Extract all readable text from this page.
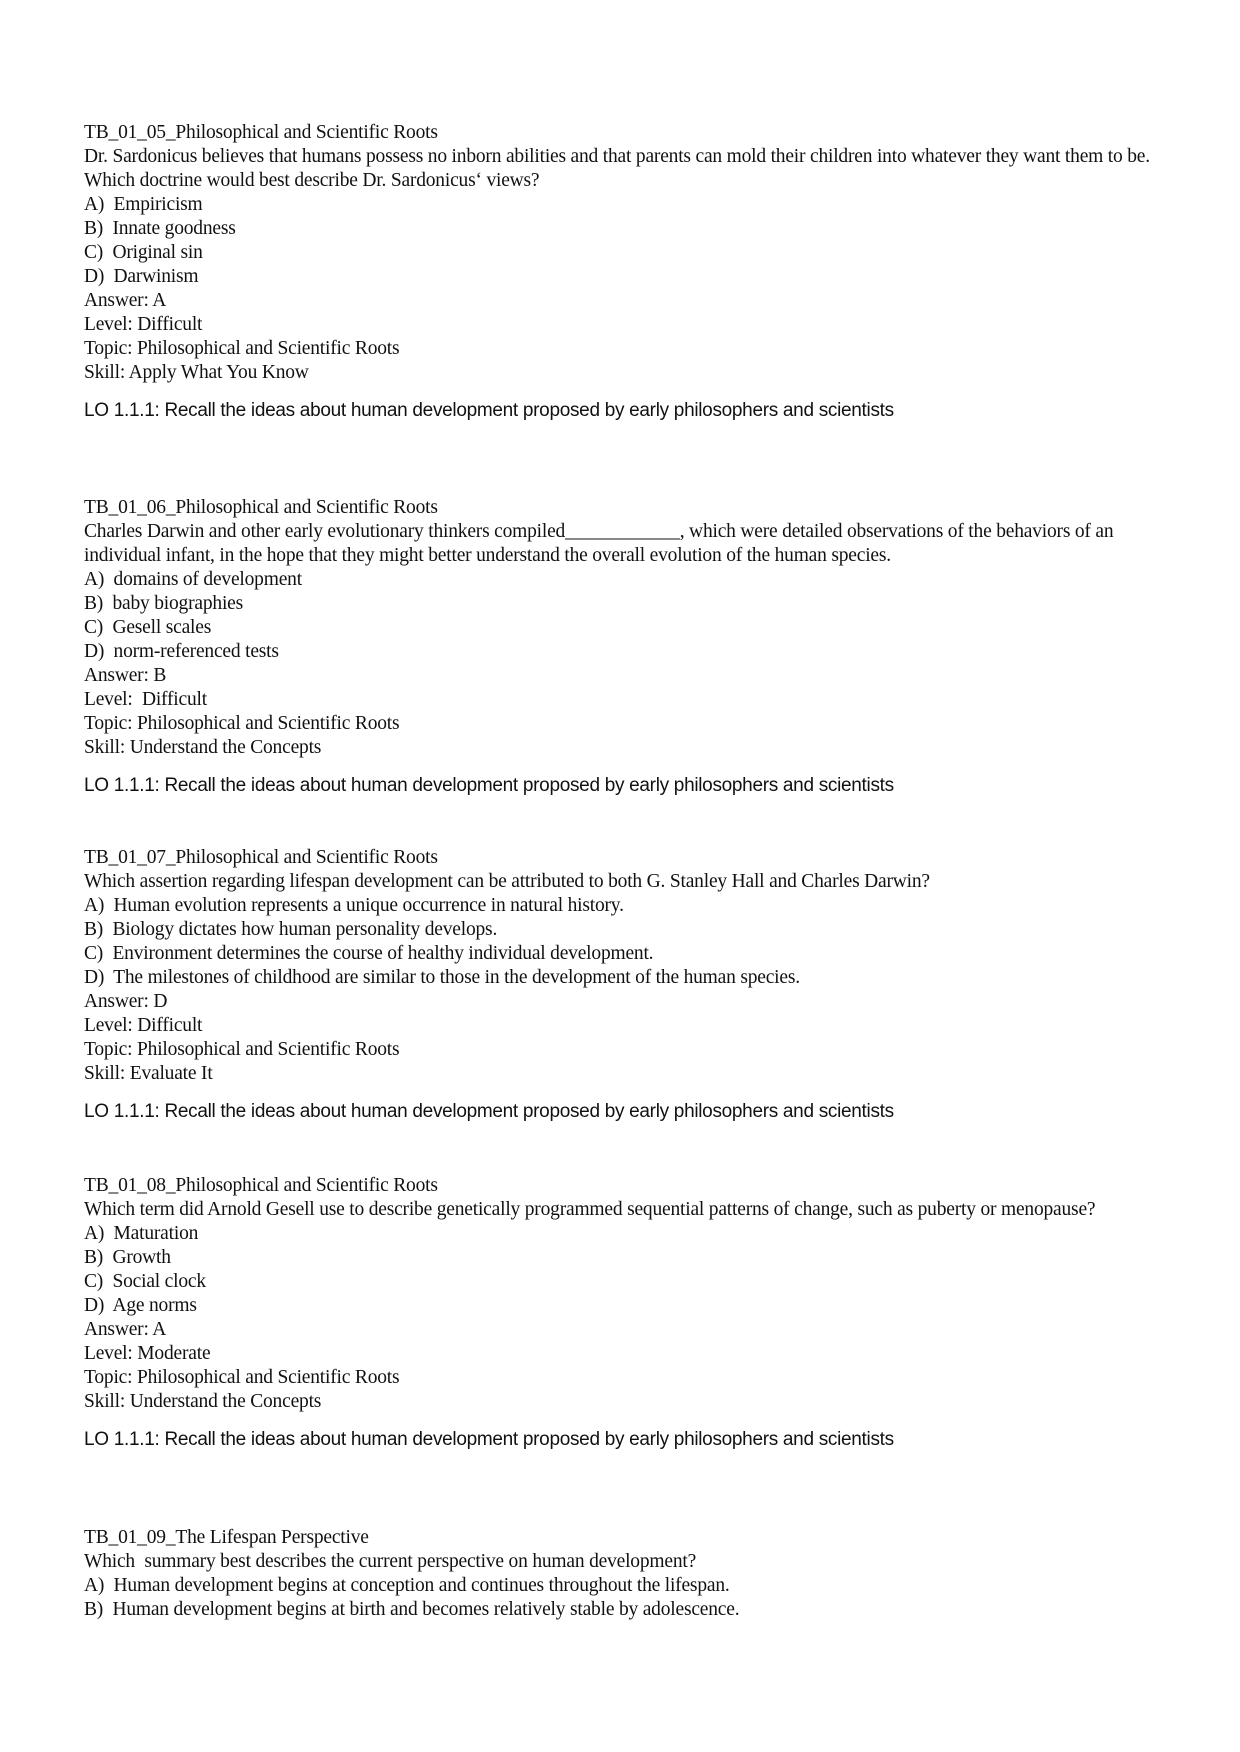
TB_01_05_Philosophical and Scientific Roots
Dr. Sardonicus believes that humans possess no inborn abilities and that parents can mold their children into whatever they want them to be. Which doctrine would best describe Dr. Sardonicus‘ views?
A)  Empiricism
B)  Innate goodness
C)  Original sin
D)  Darwinism
Answer: A
Level: Difficult
Topic: Philosophical and Scientific Roots
Skill: Apply What You Know
LO 1.1.1: Recall the ideas about human development proposed by early philosophers and scientists
TB_01_06_Philosophical and Scientific Roots
Charles Darwin and other early evolutionary thinkers compiled____________, which were detailed observations of the behaviors of an individual infant, in the hope that they might better understand the overall evolution of the human species.
A)  domains of development
B)  baby biographies
C)  Gesell scales
D)  norm-referenced tests
Answer: B
Level:  Difficult
Topic: Philosophical and Scientific Roots
Skill: Understand the Concepts
LO 1.1.1: Recall the ideas about human development proposed by early philosophers and scientists
TB_01_07_Philosophical and Scientific Roots
Which assertion regarding lifespan development can be attributed to both G. Stanley Hall and Charles Darwin?
A)  Human evolution represents a unique occurrence in natural history.
B)  Biology dictates how human personality develops.
C)  Environment determines the course of healthy individual development.
D)  The milestones of childhood are similar to those in the development of the human species.
Answer: D
Level: Difficult
Topic: Philosophical and Scientific Roots
Skill: Evaluate It
LO 1.1.1: Recall the ideas about human development proposed by early philosophers and scientists
TB_01_08_Philosophical and Scientific Roots
Which term did Arnold Gesell use to describe genetically programmed sequential patterns of change, such as puberty or menopause?
A)  Maturation
B)  Growth
C)  Social clock
D)  Age norms
Answer: A
Level: Moderate
Topic: Philosophical and Scientific Roots
Skill: Understand the Concepts
LO 1.1.1: Recall the ideas about human development proposed by early philosophers and scientists
TB_01_09_The Lifespan Perspective
Which  summary best describes the current perspective on human development?
A)  Human development begins at conception and continues throughout the lifespan.
B)  Human development begins at birth and becomes relatively stable by adolescence.
